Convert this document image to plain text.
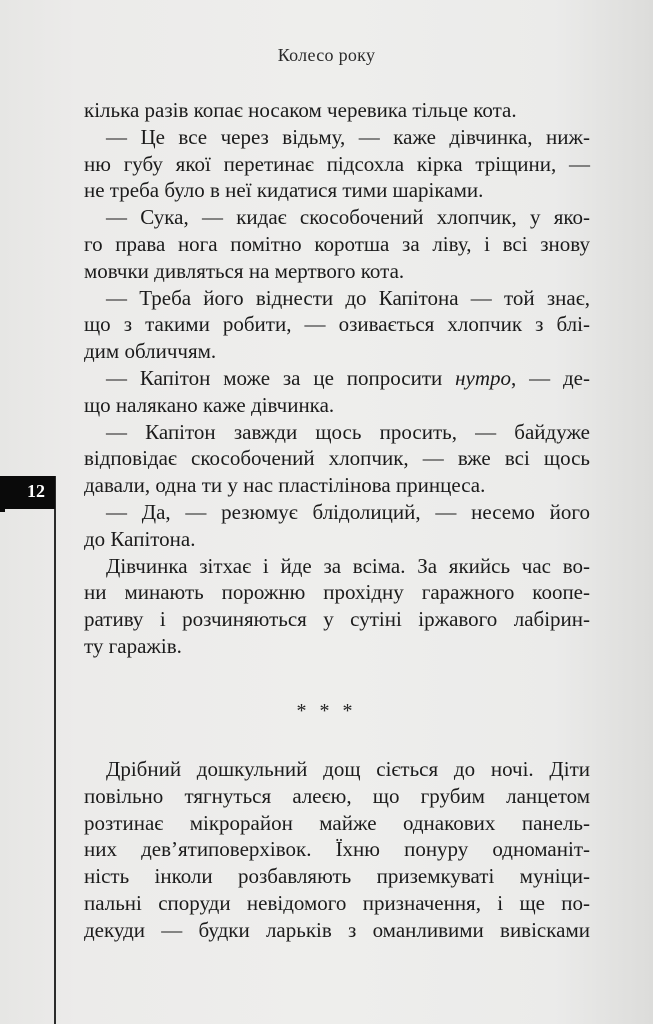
Колесо року
кілька разів копає носаком черевика тільце кота.
— Це все через відьму, — каже дівчинка, ниж-
ню губу якої перетинає підсохла кірка тріщини, —
не треба було в неї кидатися тими шаріками.
— Сука, — кидає скособочений хлопчик, у яко-
го права нога помітно коротша за ліву, і всі знову
мовчки дивляться на мертвого кота.
— Треба його віднести до Капітона — той знає,
що з такими робити, — озивається хлопчик з блі-
дим обличчям.
— Капітон може за це попросити нутро, — де-
що налякано каже дівчинка.
— Капітон завжди щось просить, — байдуже
відповідає скособочений хлопчик, — вже всі щось
давали, одна ти у нас пластілінова принцеса.
— Да, — резюмує блідолиций, — несемо його
до Капітона.
Дівчинка зітхає і йде за всіма. За якийсь час во-
ни минають порожню прохідну гаражного коопе-
ративу і розчиняються у сутіні іржавого лабірин-
ту гаражів.
* * *
Дрібний дошкульний дощ сіється до ночі. Діти
повільно тягнуться алеєю, що грубим ланцетом
розтинає мікрорайон майже однакових панель-
них дев’ятиповерхівок. Їхню понуру одноманіт-
ність інколи розбавляють приземкуваті муніци-
пальні споруди невідомого призначення, і ще по-
декуди — будки ларьків з оманливими вивісками
12
